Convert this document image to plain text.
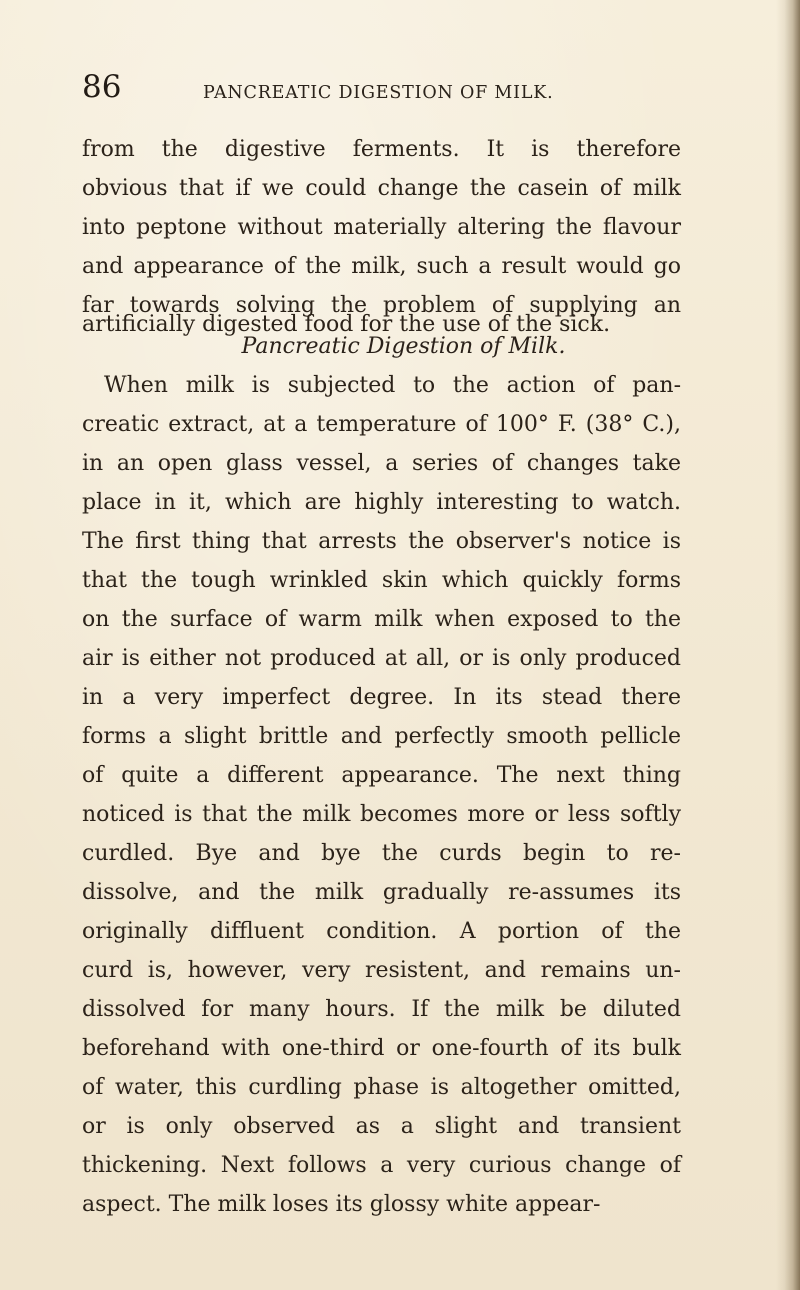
86	PANCREATIC DIGESTION OF MILK.

from the digestive ferments. It is therefore

obvious that if we could change the casein of milk

into peptone without materially altering the flavour

and appearance of the milk, such a result would go

far towards solving the problem of supplying an

artificially digested food for the use of the sick.

Pancreatic Digestion of Milk.

When milk is subjected to the action of pan-

creatic extract, at a temperature of 100° F. (38° C.),

in an open glass vessel, a series of changes take

place in it, which are highly interesting to watch.

The first thing that arrests the observer's notice is

that the tough wrinkled skin which quickly forms

on the surface of warm milk when exposed to the

air is either not produced at all, or is only produced

in a very imperfect degree. In its stead there

forms a slight brittle and perfectly smooth pellicle

of quite a different appearance. The next thing

noticed is that the milk becomes more or less softly

curdled. Bye and bye the curds begin to re-

dissolve, and the milk gradually re-assumes its

originally diffluent condition. A portion of the

curd is, however, very resistent, and remains un-

dissolved for many hours. If the milk be diluted

beforehand with one-third or one-fourth of its bulk

of water, this curdling phase is altogether omitted,

or is only observed as a slight and transient

thickening. Next follows a very curious change of

aspect. The milk loses its glossy white appear-
